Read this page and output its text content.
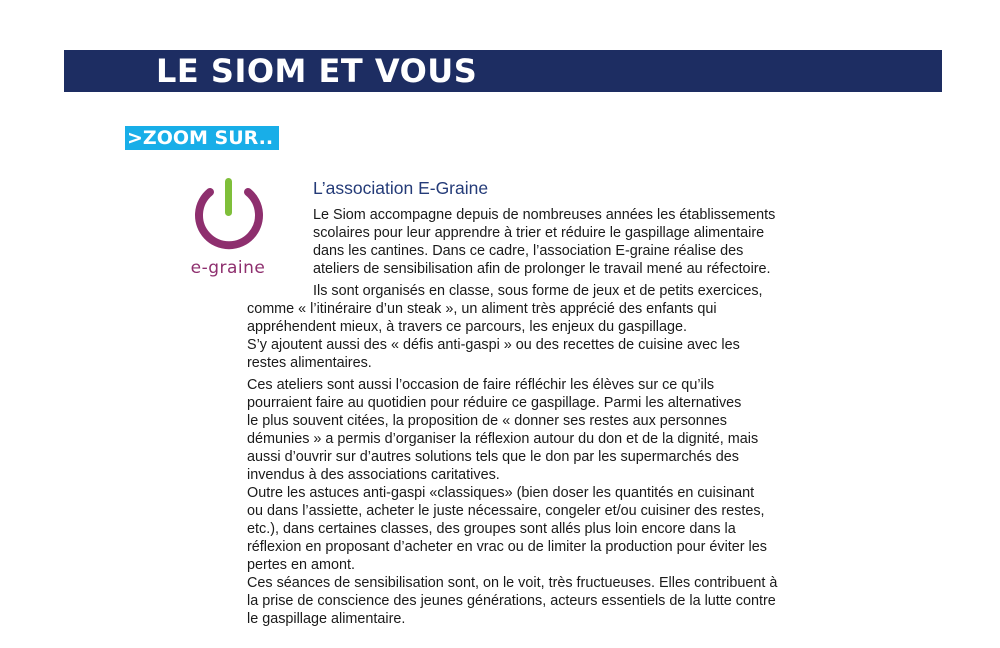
LE SIOM ET VOUS
>ZOOM SUR..
e-graine
L’association E-Graine
Le Siom accompagne depuis de nombreuses années les établissements
scolaires pour leur apprendre à trier et réduire le gaspillage alimentaire
dans les cantines. Dans ce cadre, l’association E-graine réalise des
ateliers de sensibilisation afin de prolonger le travail mené au réfectoire.
Ils sont organisés en classe, sous forme de jeux et de petits exercices,
comme « l’itinéraire d’un steak », un aliment très apprécié des enfants qui
appréhendent mieux, à travers ce parcours, les enjeux du gaspillage.
S’y ajoutent aussi des « défis anti-gaspi » ou des recettes de cuisine avec les
restes alimentaires.
Ces ateliers sont aussi l’occasion de faire réfléchir les élèves sur ce qu’ils
pourraient faire au quotidien pour réduire ce gaspillage. Parmi les alternatives
le plus souvent citées, la proposition de « donner ses restes aux personnes
démunies » a permis d’organiser la réflexion autour du don et de la dignité, mais
aussi d’ouvrir sur d’autres solutions tels que le don par les supermarchés des
invendus à des associations caritatives.
Outre les astuces anti-gaspi «classiques» (bien doser les quantités en cuisinant
ou dans l’assiette, acheter le juste nécessaire, congeler et/ou cuisiner des restes,
etc.), dans certaines classes, des groupes sont allés plus loin encore dans la
réflexion en proposant d’acheter en vrac ou de limiter la production pour éviter les
pertes en amont.
Ces séances de sensibilisation sont, on le voit, très fructueuses. Elles contribuent à
la prise de conscience des jeunes générations, acteurs essentiels de la lutte contre
le gaspillage alimentaire.
